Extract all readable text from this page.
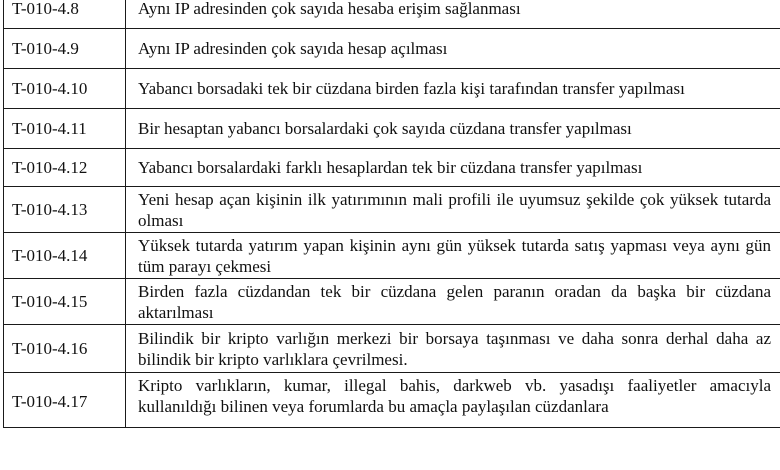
T-010-4.8	Aynı IP adresinden çok sayıda hesaba erişim sağlanması
T-010-4.9	Aynı IP adresinden çok sayıda hesap açılması
T-010-4.10	Yabancı borsadaki tek bir cüzdana birden fazla kişi tarafından transfer yapılması
T-010-4.11	Bir hesaptan yabancı borsalardaki çok sayıda cüzdana transfer yapılması
T-010-4.12	Yabancı borsalardaki farklı hesaplardan tek bir cüzdana transfer yapılması
T-010-4.13	Yeni hesap açan kişinin ilk yatırımının mali profili ile uyumsuz şekilde çok yüksek tutarda olması
T-010-4.14	Yüksek tutarda yatırım yapan kişinin aynı gün yüksek tutarda satış yapması veya aynı gün tüm parayı çekmesi
T-010-4.15	Birden fazla cüzdandan tek bir cüzdana gelen paranın oradan da başka bir cüzdana aktarılması
T-010-4.16	Bilindik bir kripto varlığın merkezi bir borsaya taşınması ve daha sonra derhal daha az bilindik bir kripto varlıklara çevrilmesi.
T-010-4.17	Kripto varlıkların, kumar, illegal bahis, darkweb vb. yasadışı faaliyetler amacıyla kullanıldığı bilinen veya forumlarda bu amaçla paylaşılan cüzdanlara
